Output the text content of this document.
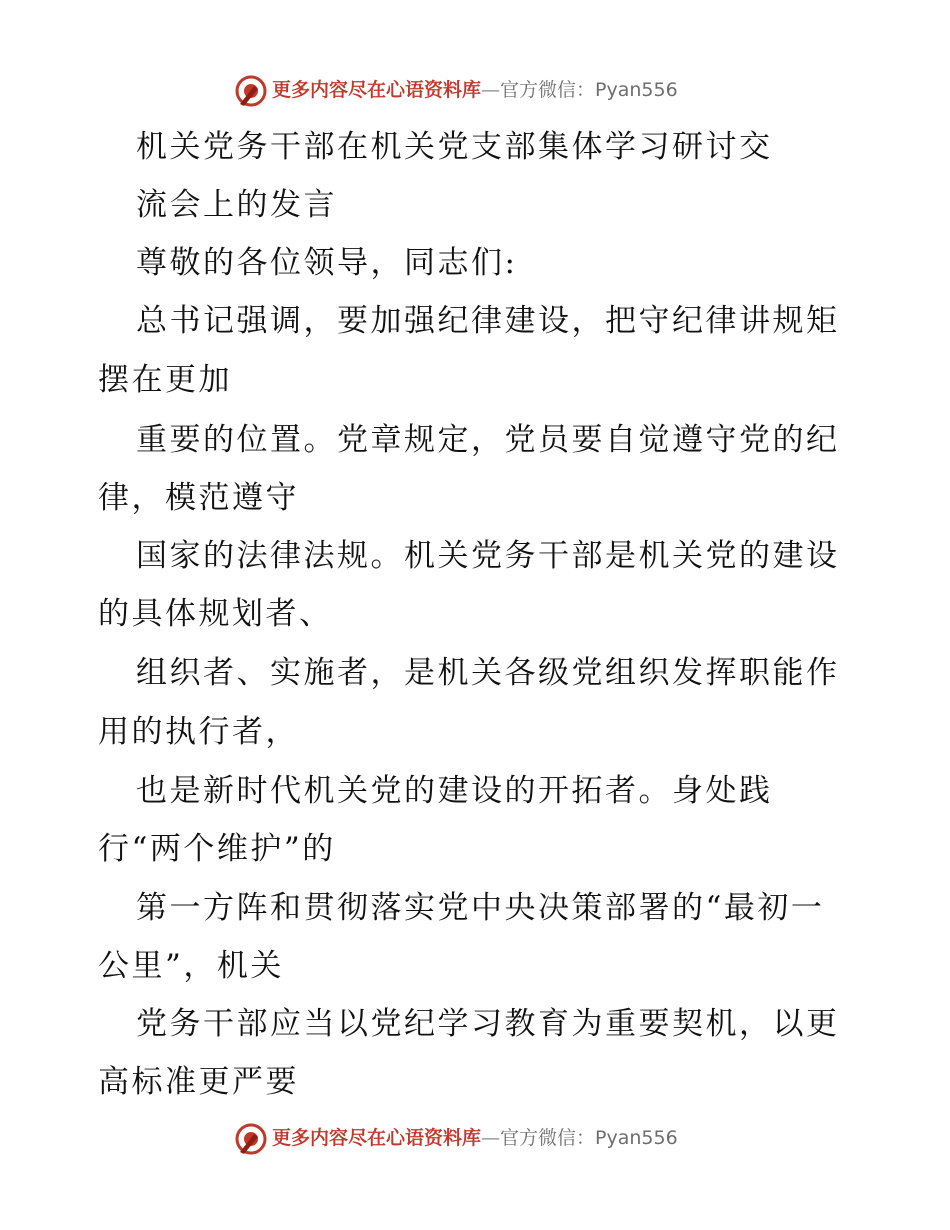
更多内容尽在心语资料库—官方微信：Pyan556
机关党务干部在机关党支部集体学习研讨交
流会上的发言
尊敬的各位领导，同志们:
总书记强调，要加强纪律建设，把守纪律讲规矩
摆在更加
重要的位置。党章规定，党员要自觉遵守党的纪
律，模范遵守
国家的法律法规。机关党务干部是机关党的建设
的具体规划者、
组织者、实施者，是机关各级党组织发挥职能作
用的执行者，
也是新时代机关党的建设的开拓者。身处践
行“两个维护”的
第一方阵和贯彻落实党中央决策部署的“最初一
公里”，机关
党务干部应当以党纪学习教育为重要契机，以更
高标准更严要
更多内容尽在心语资料库—官方微信：Pyan556
